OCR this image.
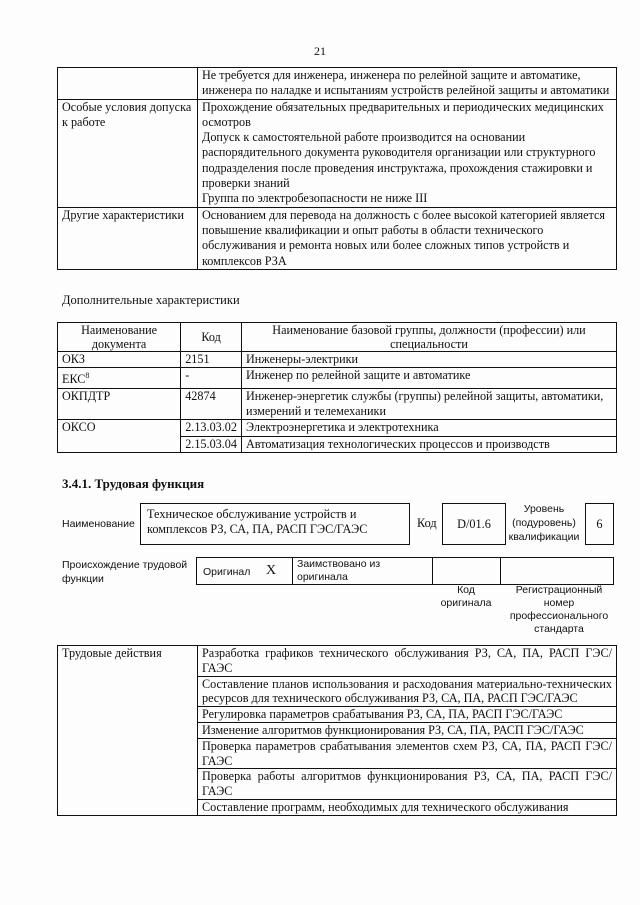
21
	Не требуется для инженера, инженера по релейной защите и автоматике, инженера по наладке и испытаниям устройств релейной защиты и автоматики
Особые условия допуска к работе	Прохождение обязательных предварительных и периодических медицинских осмотров
Допуск к самостоятельной работе производится на основании распорядительного документа руководителя организации или структурного подразделения после проведения инструктажа, прохождения стажировки и проверки знаний
Группа по электробезопасности не ниже III

Другие характеристики	Основанием для перевода на должность с более высокой категорией является повышение квалификации и опыт работы в области технического обслуживания и ремонта новых или более сложных типов устройств и комплексов РЗА
Дополнительные характеристики
Наименование документа	Код	Наименование базовой группы, должности (профессии) или специальности
ОКЗ	2151	Инженеры-электрики
ЕКС$^8$	-	Инженер по релейной защите и автоматике
ОКПДТР	42874	Инженер-энергетик службы (группы) релейной защиты, автоматики, измерений и телемеханики
ОКСО	2.13.03.02	Электроэнергетика и электротехника
	2.15.03.04	Автоматизация технологических процессов и производств
3.4.1. Трудовая функция
Наименование
Техническое обслуживание устройств и комплексов РЗ, СА, ПА, РАСП ГЭС/ГАЭС	Код	D/01.6
Уровень (подуровень) квалификации
6
Происхождение трудовой функции
Оригинал X Заимствовано из оригинала
Код оригинала
Регистрационный номер профессионального стандарта
Трудовые действия	Разработка графиков технического обслуживания РЗ, СА, ПА, РАСП ГЭС/ГАЭС
Составление планов использования и расходования материально-технических ресурсов для технического обслуживания РЗ, СА, ПА, РАСП ГЭС/ГАЭС
Регулировка параметров срабатывания РЗ, СА, ПА, РАСП ГЭС/ГАЭС
Изменение алгоритмов функционирования РЗ, СА, ПА, РАСП ГЭС/ГАЭС
Проверка параметров срабатывания элементов схем РЗ, СА, ПА, РАСП ГЭС/ГАЭС
Проверка работы алгоритмов функционирования РЗ, СА, ПА, РАСП ГЭС/ГАЭС
Составление программ, необходимых для технического обслуживания
